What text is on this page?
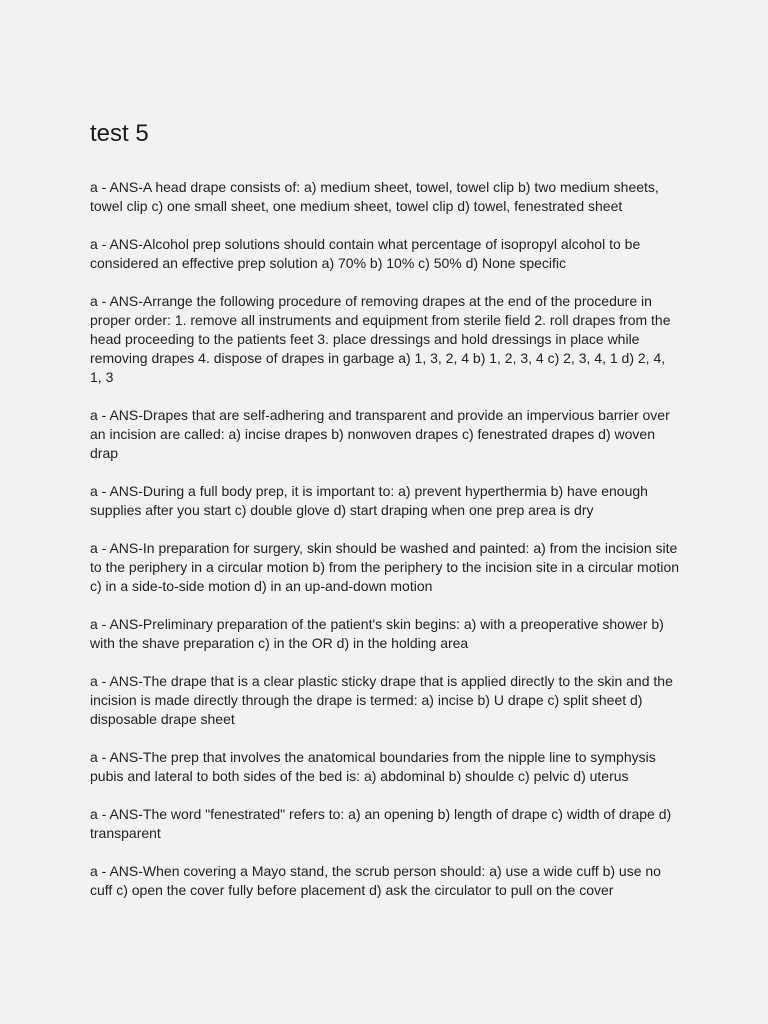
test 5

a - ANS-A head drape consists of: a) medium sheet, towel, towel clip b) two medium sheets, towel clip c) one small sheet, one medium sheet, towel clip d) towel, fenestrated sheet

a - ANS-Alcohol prep solutions should contain what percentage of isopropyl alcohol to be considered an effective prep solution a) 70% b) 10% c) 50% d) None specific

a - ANS-Arrange the following procedure of removing drapes at the end of the procedure in proper order: 1. remove all instruments and equipment from sterile field 2. roll drapes from the head proceeding to the patients feet 3. place dressings and hold dressings in place while removing drapes 4. dispose of drapes in garbage a) 1, 3, 2, 4 b) 1, 2, 3, 4 c) 2, 3, 4, 1 d) 2, 4, 1, 3

a - ANS-Drapes that are self-adhering and transparent and provide an impervious barrier over an incision are called: a) incise drapes b) nonwoven drapes c) fenestrated drapes d) woven drap

a - ANS-During a full body prep, it is important to: a) prevent hyperthermia b) have enough supplies after you start c) double glove d) start draping when one prep area is dry

a - ANS-In preparation for surgery, skin should be washed and painted: a) from the incision site to the periphery in a circular motion b) from the periphery to the incision site in a circular motion c) in a side-to-side motion d) in an up-and-down motion

a - ANS-Preliminary preparation of the patient's skin begins: a) with a preoperative shower b) with the shave preparation c) in the OR d) in the holding area

a - ANS-The drape that is a clear plastic sticky drape that is applied directly to the skin and the incision is made directly through the drape is termed: a) incise b) U drape c) split sheet d) disposable drape sheet

a - ANS-The prep that involves the anatomical boundaries from the nipple line to symphysis pubis and lateral to both sides of the bed is: a) abdominal b) shoulde c) pelvic d) uterus

a - ANS-The word "fenestrated" refers to: a) an opening b) length of drape c) width of drape d) transparent

a - ANS-When covering a Mayo stand, the scrub person should: a) use a wide cuff b) use no cuff c) open the cover fully before placement d) ask the circulator to pull on the cover
